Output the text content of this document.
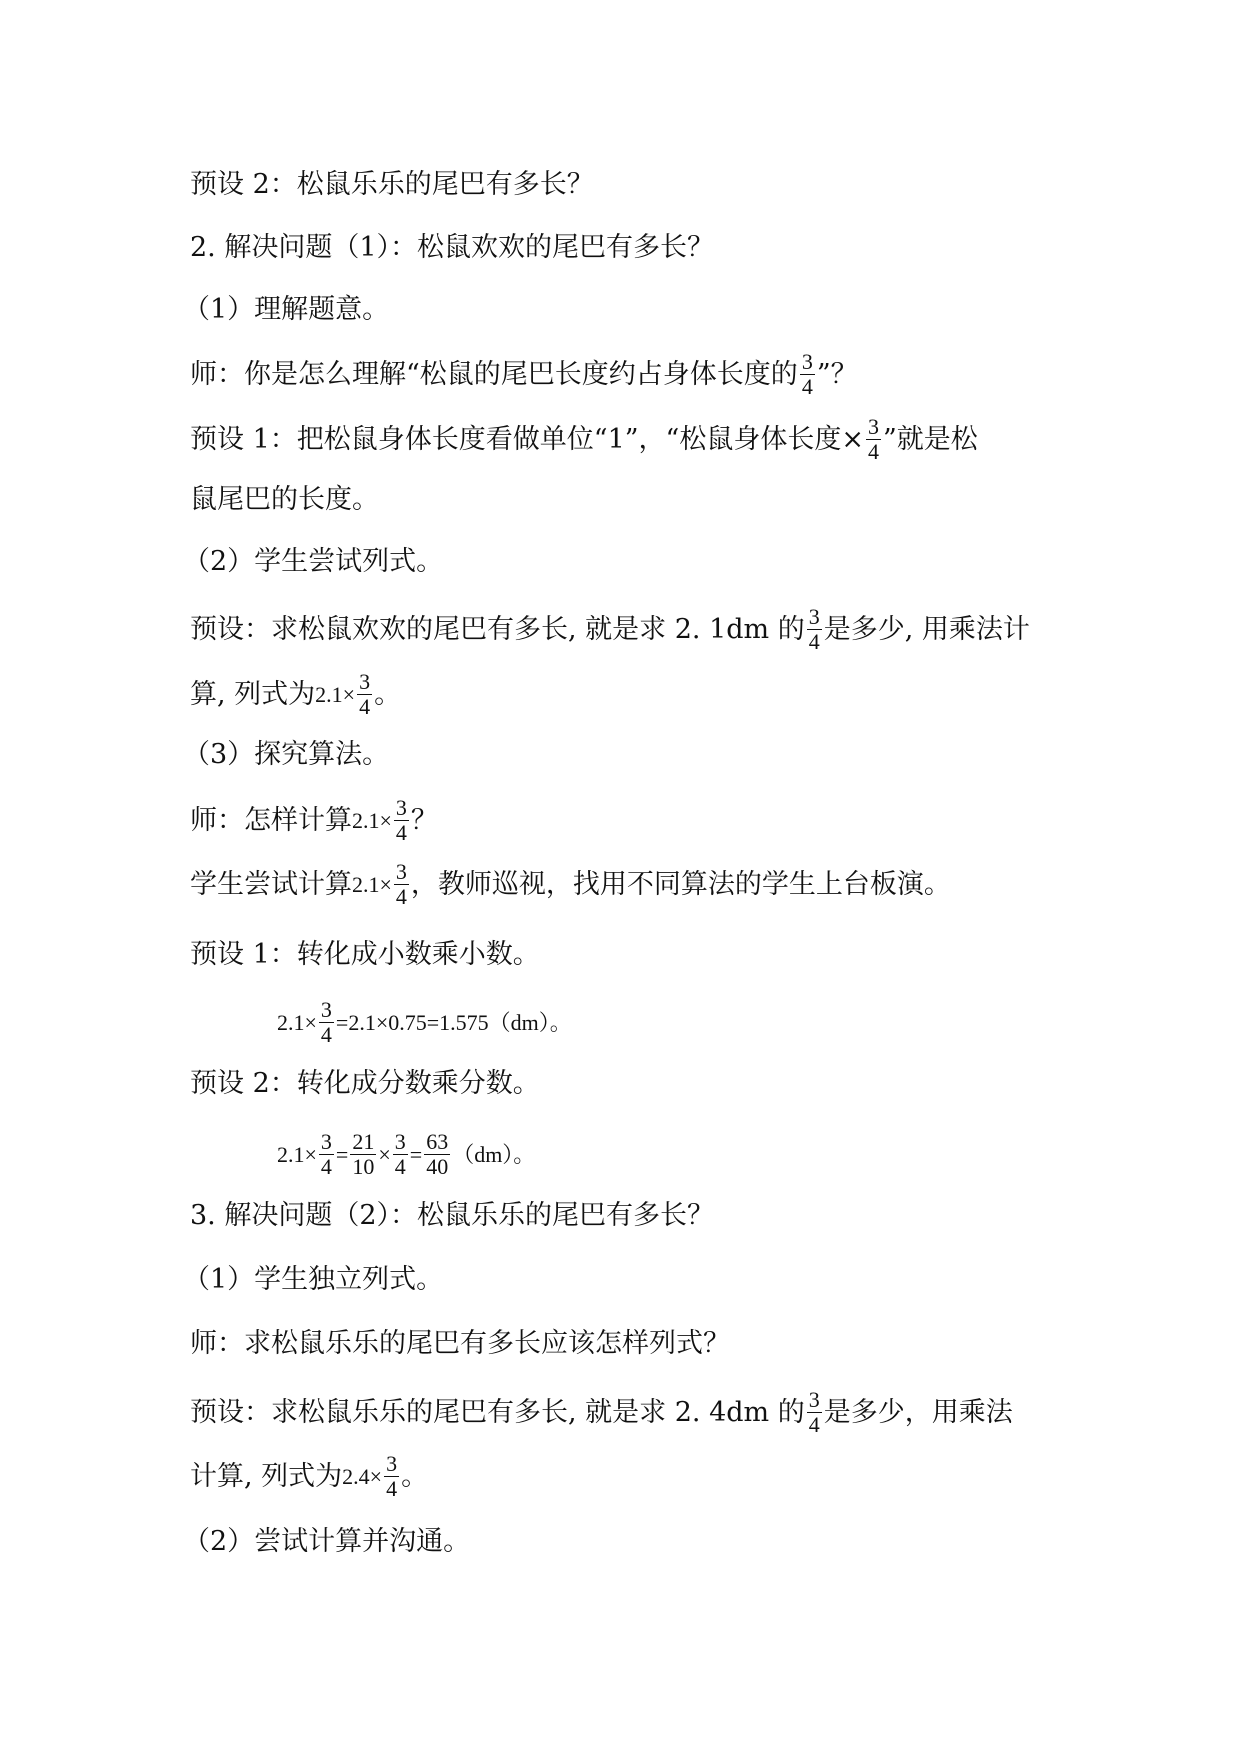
预设 2：松鼠乐乐的尾巴有多长？
2. 解决问题（1）：松鼠欢欢的尾巴有多长？
（1）理解题意。
师：你是怎么理解“松鼠的尾巴长度约占身体长度的 $\frac{3}{4}$ ”？
预设 1：把松鼠身体长度看做单位“1”，“松鼠身体长度× $\frac{3}{4}$ ”就是松
鼠尾巴的长度。
（2）学生尝试列式。
预设：求松鼠欢欢的尾巴有多长, 就是求 2. 1dm 的 $\frac{3}{4}$ 是多少, 用乘法计
算, 列式为 $2.1\times \frac{3}{4}$ 。
（3）探究算法。
师：怎样计算 $2.1\times \frac{3}{4}$ ？
学生尝试计算 $2.1\times \frac{3}{4}$ ，教师巡视，找用不同算法的学生上台板演。
预设 1：转化成小数乘小数。
$2.1\times \frac{3}{4} =2.1\times 0.75=1.575(dm)$。
预设 2：转化成分数乘分数。
$2.1\times \frac{3}{4} = \frac{21}{10} \times \frac{3}{4} = \frac{63}{40} (dm)$。
3. 解决问题（2）：松鼠乐乐的尾巴有多长？
（1）学生独立列式。
师：求松鼠乐乐的尾巴有多长应该怎样列式？
预设：求松鼠乐乐的尾巴有多长, 就是求 2. 4dm 的 $\frac{3}{4}$ 是多少，用乘法
计算, 列式为 $2.4\times \frac{3}{4}$ 。
（2）尝试计算并沟通。
